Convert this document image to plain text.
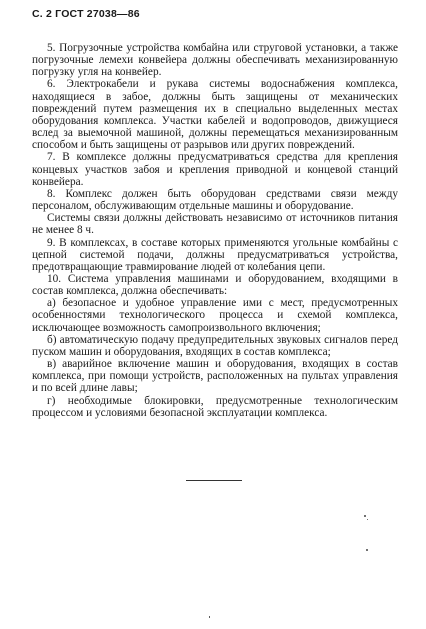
С. 2 ГОСТ 27038—86

5. Погрузочные устройства комбайна или струговой установки, а также погрузочные лемехи конвейера должны обеспечивать механизированную погрузку угля на конвейер.

6. Электрокабели и рукава системы водоснабжения комплекса, находящиеся в забое, должны быть защищены от механических повреждений путем размещения их в специально выделенных местах оборудования комплекса. Участки кабелей и водопроводов, движущиеся вслед за выемочной машиной, должны перемещаться механизированным способом и быть защищены от разрывов или других повреждений.

7. В комплексе должны предусматриваться средства для крепления концевых участков забоя и крепления приводной и концевой станций конвейера.

8. Комплекс должен быть оборудован средствами связи между персоналом, обслуживающим отдельные машины и оборудование.

Системы связи должны действовать независимо от источников питания не менее 8 ч.

9. В комплексах, в составе которых применяются угольные комбайны с цепной системой подачи, должны предусматриваться устройства, предотвращающие травмирование людей от колебания цепи.

10. Система управления машинами и оборудованием, входящими в состав комплекса, должна обеспечивать:

а) безопасное и удобное управление ими с мест, предусмотренных особенностями технологического процесса и схемой комплекса, исключающее возможность самопроизвольного включения;

б) автоматическую подачу предупредительных звуковых сигналов перед пуском машин и оборудования, входящих в состав комплекса;

в) аварийное включение машин и оборудования, входящих в состав комплекса, при помощи устройств, расположенных на пультах управления и по всей длине лавы;

г) необходимые блокировки, предусмотренные технологическим процессом и условиями безопасной эксплуатации комплекса.
